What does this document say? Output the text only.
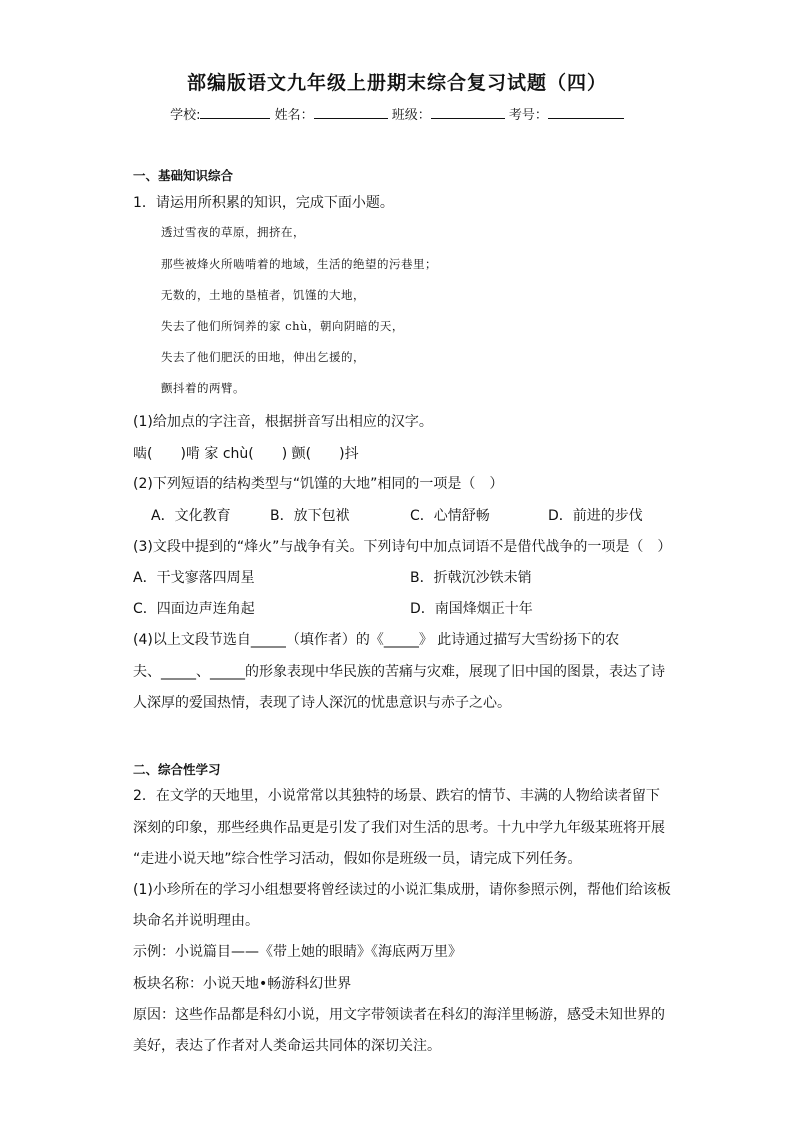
部编版语文九年级上册期末综合复习试题（四）
学校:	姓名：	班级：	考号：
一、基础知识综合
1．请运用所积累的知识，完成下面小题。
透过雪夜的草原，拥挤在，
那些被烽火所啮啃着的地域，生活的绝望的污巷里；
无数的，土地的垦植者，饥馑的大地，
失去了他们所饲养的家 chù，朝向阴暗的天，
失去了他们肥沃的田地，伸出乞援的，
颤抖着的两臂。
(1)给加点的字注音，根据拼音写出相应的汉字。
啮(　　)啃 家 chù(　　) 颤(　　)抖
(2)下列短语的结构类型与“饥馑的大地”相同的一项是（　）
A．文化教育	B．放下包袱	C．心情舒畅	D．前进的步伐
(3)文段中提到的“烽火”与战争有关。下列诗句中加点词语不是借代战争的一项是（　）
A．干戈寥落四周星	B．折戟沉沙铁未销
C．四面边声连角起	D．南国烽烟正十年
(4)以上文段节选自_____（填作者）的《_____》 此诗通过描写大雪纷扬下的农
夫、_____、_____的形象表现中华民族的苦痛与灾难，展现了旧中国的图景，表达了诗
人深厚的爱国热情，表现了诗人深沉的忧患意识与赤子之心。
二、综合性学习
2．在文学的天地里，小说常常以其独特的场景、跌宕的情节、丰满的人物给读者留下
深刻的印象，那些经典作品更是引发了我们对生活的思考。十九中学九年级某班将开展
“走进小说天地”综合性学习活动，假如你是班级一员，请完成下列任务。
(1)小珍所在的学习小组想要将曾经读过的小说汇集成册，请你参照示例，帮他们给该板
块命名并说明理由。
示例：小说篇目——《带上她的眼睛》《海底两万里》
板块名称：小说天地•畅游科幻世界
原因：这些作品都是科幻小说，用文字带领读者在科幻的海洋里畅游，感受未知世界的
美好，表达了作者对人类命运共同体的深切关注。
